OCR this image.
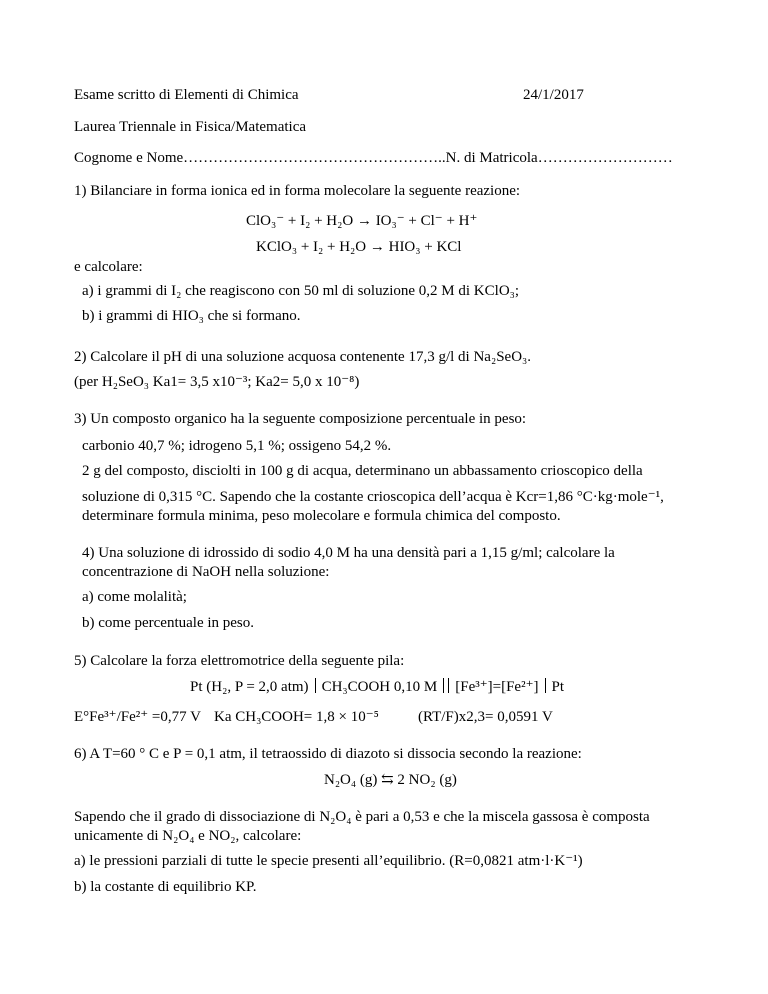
Esame scritto di Elementi di Chimica	24/1/2017
Laurea Triennale in Fisica/Matematica
Cognome e Nome……………………………………………..N. di Matricola………………………
1) Bilanciare in forma ionica ed in forma molecolare la seguente reazione:
ClO₃⁻ + I₂ + H₂O → IO₃⁻ + Cl⁻ + H⁺
KClO₃ + I₂ + H₂O → HIO₃ + KCl
e calcolare:
a) i grammi di I₂ che reagiscono con 50 ml di soluzione 0,2 M di KClO₃;
b) i grammi di HIO₃ che si formano.
2) Calcolare il pH di una soluzione acquosa contenente 17,3 g/l di Na₂SeO₃.
(per H₂SeO₃ Ka1= 3,5 x10⁻³; Ka2= 5,0 x 10⁻⁸)
3) Un composto organico ha la seguente composizione percentuale in peso:
carbonio 40,7 %; idrogeno 5,1 %; ossigeno 54,2 %.
2 g del composto, disciolti in 100 g di acqua, determinano un abbassamento crioscopico della
soluzione di 0,315 °C. Sapendo che la costante crioscopica dell’acqua è Kcr=1,86 °C·kg·mole⁻¹,
determinare formula minima, peso molecolare e formula chimica del composto.
4) Una soluzione di idrossido di sodio 4,0 M ha una densità pari a 1,15 g/ml; calcolare la
concentrazione di NaOH nella soluzione:
a) come molalità;
b) come percentuale in peso.
5) Calcolare la forza elettromotrice della seguente pila:
Pt (H₂, P = 2,0 atm) CH₃COOH 0,10 M [Fe³⁺]=[Fe²⁺] Pt
E°Fe³⁺/Fe²⁺ =0,77 V Ka CH₃COOH= 1,8 × 10⁻⁵	(RT/F)x2,3= 0,0591 V
6) A T=60 ° C e P = 0,1 atm, il tetraossido di diazoto si dissocia secondo la reazione:
N₂O₄ (g) ⇆ 2 NO₂ (g)
Sapendo che il grado di dissociazione di N₂O₄ è pari a 0,53 e che la miscela gassosa è composta
unicamente di N₂O₄ e NO₂, calcolare:
a) le pressioni parziali di tutte le specie presenti all’equilibrio. (R=0,0821 atm·l·K⁻¹)
b) la costante di equilibrio KP.
